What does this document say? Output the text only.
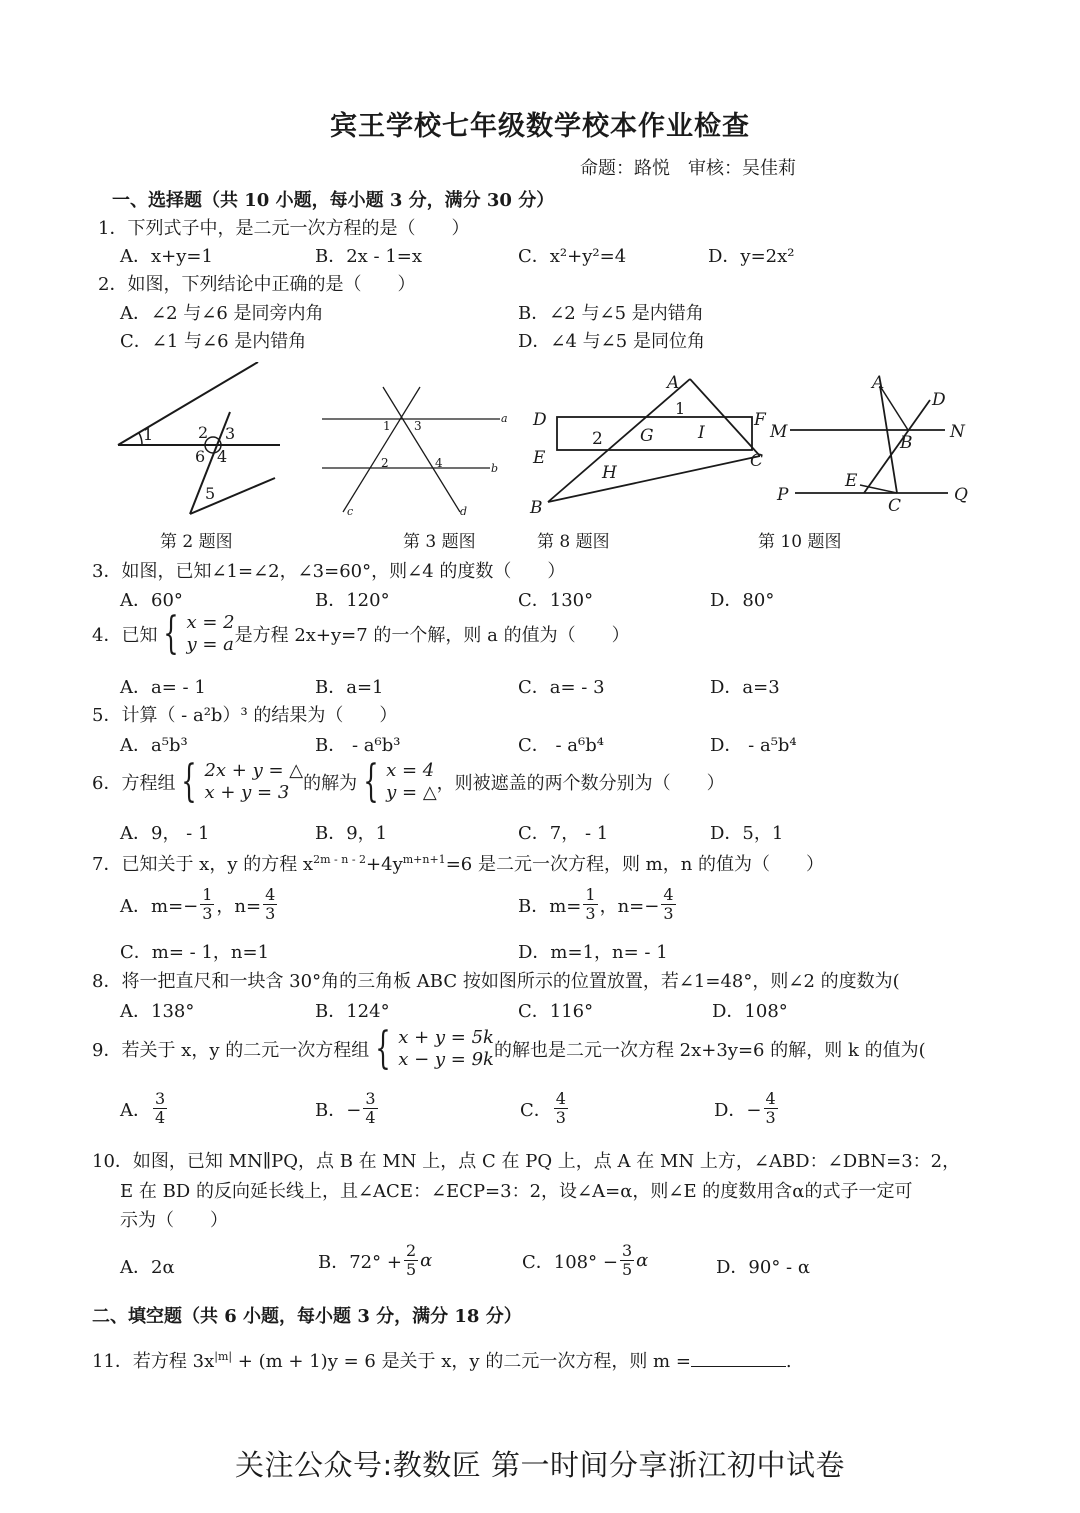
宾王学校七年级数学校本作业检查
命题：路悦　审核：吴佳莉
一、选择题（共 10 小题，每小题 3 分，满分 30 分）
1．下列式子中，是二元一次方程的是（　　）
A．x+y=1	B．2x - 1=x	C．x²+y²=4	D．y=2x²
2．如图，下列结论中正确的是（　　）
A．∠2 与∠6 是同旁内角	B．∠2 与∠5 是内错角
C．∠1 与∠6 是内错角	D．∠4 与∠5 是同位角
1	2 3
4
5
6
1 3
2	4
a
b
c	d
A
B
C
D
E
F
G
H
I
1
2
A
B
C
D
E
M	N
P	Q
第 2 题图	第 3 题图	第 8 题图	第 10 题图
3．如图，已知∠1=∠2，∠3=60°，则∠4 的度数（　　）
A．60°	B．120°	C．130°	D．80°
4．已知 { x = 2
y = a 是方程 2x+y=7 的一个解，则 a 的值为（　　）
A．a= - 1	B．a=1	C．a= - 3	D．a=3
5．计算（ - a²b）³ 的结果为（　　）
A．a⁵b³	B． - a⁶b³	C． - a⁶b⁴	D． - a⁵b⁴
6．方程组 { 2x + y = △
x + y = 3 的解为 { x = 4
y = △ ，则被遮盖的两个数分别为（　　）
A．9， - 1	B．9，1	C．7， - 1	D．5，1
7．已知关于 x，y 的方程 $x^{2m - n - 2}+4y^{m+n+1}=6$ 是二元一次方程，则 m，n 的值为（　　）
A．$m=- \frac{1}{3}$ ，$n= \frac{4}{3}$	B．$m= \frac{1}{3}$ ，$n=- \frac{4}{3}$
C．m= - 1，n=1	D．m=1，n= - 1
8．将一把直尺和一块含 30°角的三角板 ABC 按如图所示的位置放置，若∠1=48°，则∠2 的度数为(
A．138°	B．124°	C．116°	D．108°
9．若关于 x，y 的二元一次方程组 { x + y = 5k
x − y = 9k 的解也是二元一次方程 2x+3y=6 的解，则 k 的值为(
A． $\frac{3}{4}$	B．− $\frac{3}{4}$	C． $\frac{4}{3}$	D．− $\frac{4}{3}$
10．如图，已知 MN∥PQ，点 B 在 MN 上，点 C 在 PQ 上，点 A 在 MN 上方，∠ABD：∠DBN=3：2，
E 在 BD 的反向延长线上，且∠ACE：∠ECP=3：2，设∠A=α，则∠E 的度数用含α的式子一定可
示为（　　）
A．2α	B．$72^\circ + \frac{2}{5}$ α	C．$108^\circ - \frac{3}{5}$ α	D．90° - α
二、填空题（共 6 小题，每小题 3 分，满分 18 分）
11．若方程 $3x^{|m|} + (m + 1)y = 6$ 是关于 x，y 的二元一次方程，则 m =	.
关注公众号:教数匠 第一时间分享浙江初中试卷
